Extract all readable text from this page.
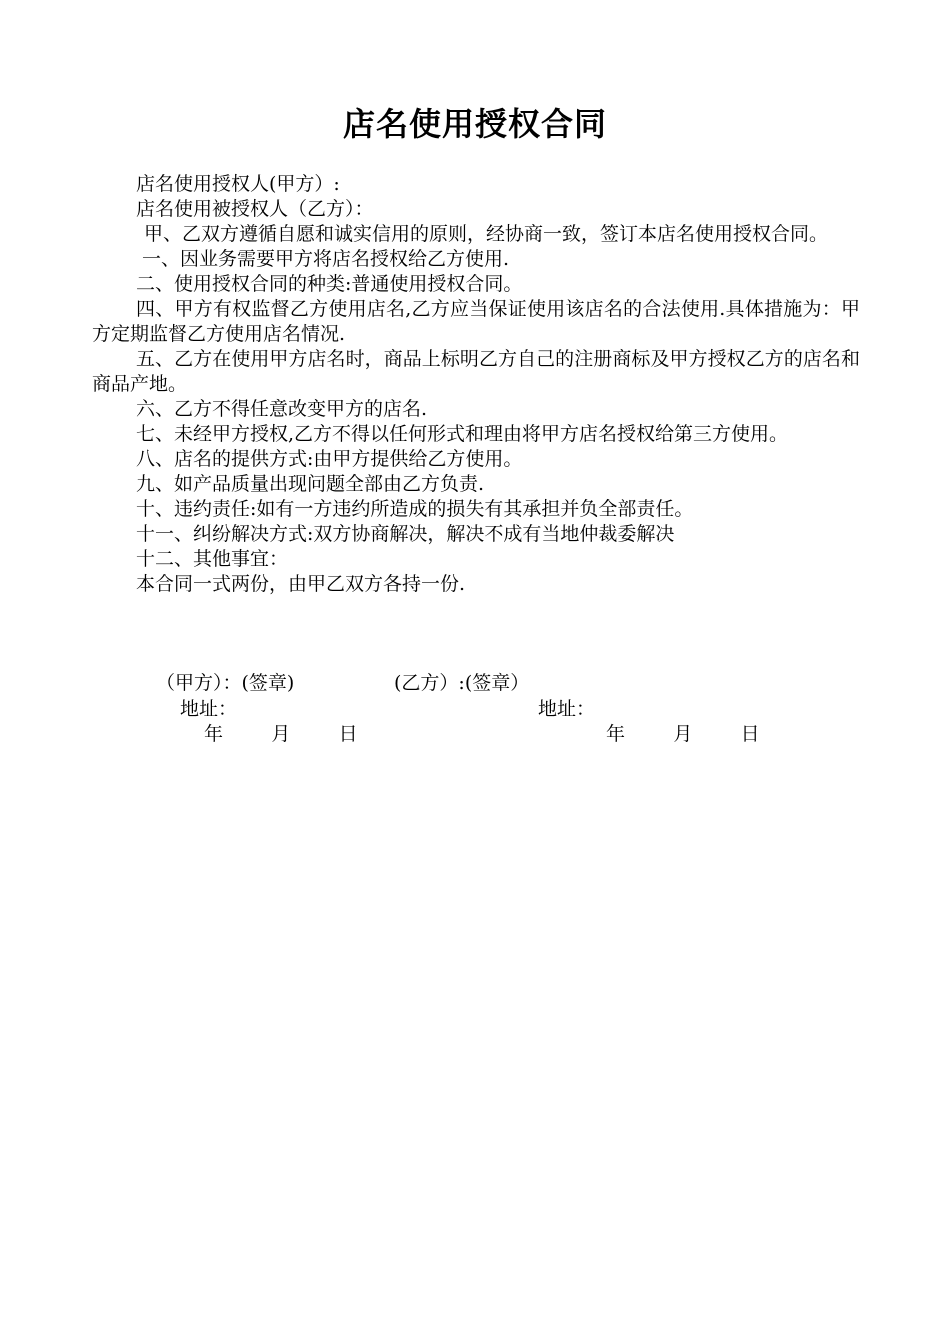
店名使用授权合同

店名使用授权人(甲方）:

店名使用被授权人（乙方）：

甲、乙双方遵循自愿和诚实信用的原则，经协商一致，签订本店名使用授权合同。

一、因业务需要甲方将店名授权给乙方使用.

二、使用授权合同的种类:普通使用授权合同。

四、甲方有权监督乙方使用店名,乙方应当保证使用该店名的合法使用.具体措施为：甲方定期监督乙方使用店名情况.

五、乙方在使用甲方店名时，商品上标明乙方自己的注册商标及甲方授权乙方的店名和商品产地。

六、乙方不得任意改变甲方的店名.

七、未经甲方授权,乙方不得以任何形式和理由将甲方店名授权给第三方使用。

八、店名的提供方式:由甲方提供给乙方使用。

九、如产品质量出现问题全部由乙方负责.

十、违约责任:如有一方违约所造成的损失有其承担并负全部责任。

十一、纠纷解决方式:双方协商解决，解决不成有当地仲裁委解决

十二、其他事宜：

本合同一式两份，由甲乙双方各持一份.

（甲方）：(签章)	(乙方）:(签章）
地址：	地址：
年        月        日	年        月        日
